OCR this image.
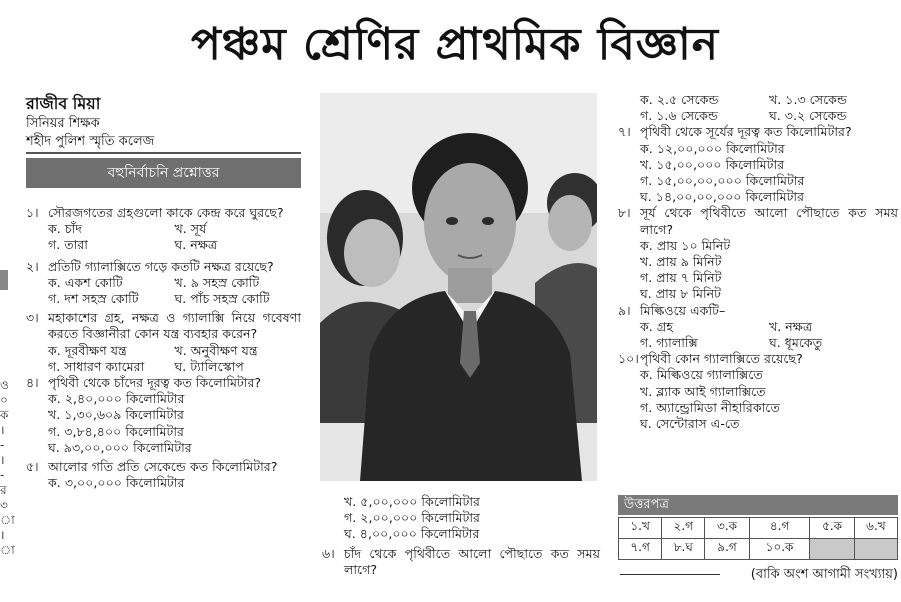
পঞ্চম শ্রেণির প্রাথমিক বিজ্ঞান
ও
০
ক
।
-
।
-
র
৩
া
।
া
রাজীব মিয়া
সিনিয়র শিক্ষক
শহীদ পুলিশ স্মৃতি কলেজ
বহুনির্বাচনি প্রশ্নোত্তর
১। সৌরজগতের গ্রহগুলো কাকে কেন্দ্র করে ঘুরছে?
ক. চাঁদ	খ. সূর্য
গ. তারা	ঘ. নক্ষত্র
২। প্রতিটি গ্যালাক্সিতে গড়ে কতটি নক্ষত্র রয়েছে?
ক. একশ কোটি	খ. ৯ সহস্র কোটি
গ. দশ সহস্র কোটি	ঘ. পাঁচ সহস্র কোটি
৩। মহাকাশের গ্রহ, নক্ষত্র ও গ্যালাক্সি নিয়ে গবেষণা করতে বিজ্ঞানীরা কোন যন্ত্র ব্যবহার করেন?
ক. দূরবীক্ষণ যন্ত্র	খ. অনুবীক্ষণ যন্ত্র
গ. সাধারণ ক্যামেরা	ঘ. ট্যালিস্কোপ
৪। পৃথিবী থেকে চাঁদের দূরত্ব কত কিলোমিটার?
ক. ২,৪০,০০০ কিলোমিটার
খ. ১,৩০,৬০৯ কিলোমিটার
গ. ৩,৮৪,৪০০ কিলোমিটার
ঘ. ৯৩,০০,০০০ কিলোমিটার
৫। আলোর গতি প্রতি সেকেন্ডে কত কিলোমিটার?
ক. ৩,০০,০০০ কিলোমিটার
খ. ৫,০০,০০০ কিলোমিটার
গ. ২,০০,০০০ কিলোমিটার
ঘ. ৪,০০,০০০ কিলোমিটার
৬। চাঁদ থেকে পৃথিবীতে আলো পৌছাতে কত সময় লাগে?
ক. ২.৫ সেকেন্ড	খ. ১.৩ সেকেন্ড
গ. ১.৬ সেকেন্ড	ঘ. ৩.২ সেকেন্ড
৭। পৃথিবী থেকে সূর্যের দূরত্ব কত কিলোমিটার?
ক. ১২,০০,০০০ কিলোমিটার
খ. ১৫,০০,০০০ কিলোমিটার
গ. ১৫,০০,০০,০০০ কিলোমিটার
ঘ. ১৪,০০,০০,০০০ কিলোমিটার
৮। সূর্য থেকে পৃথিবীতে আলো পৌছাতে কত সময় লাগে?
ক. প্রায় ১০ মিনিট
খ. প্রায় ৯ মিনিট
গ. প্রায় ৭ মিনিট
ঘ. প্রায় ৮ মিনিট
৯। মিল্কিওয়ে একটি–
ক. গ্রহ	খ. নক্ষত্র
গ. গ্যালাক্সি	ঘ. ধূমকেতু
১০। পৃথিবী কোন গ্যালাক্সিতে রয়েছে?
ক. মিল্কিওয়ে গ্যালাক্সিতে
খ. ব্ল্যাক আই গ্যালাক্সিতে
গ. অ্যান্ড্রোমিডা নীহারিকাতে
ঘ. সেন্টোরাস এ-তে
উত্তরপত্র
১.খ	২.গ	৩.ক	৪.গ	৫.ক	৬.খ
৭.গ	৮.ঘ	৯.গ	১০.ক		
(বাকি অংশ আগামী সংখ্যায়)
